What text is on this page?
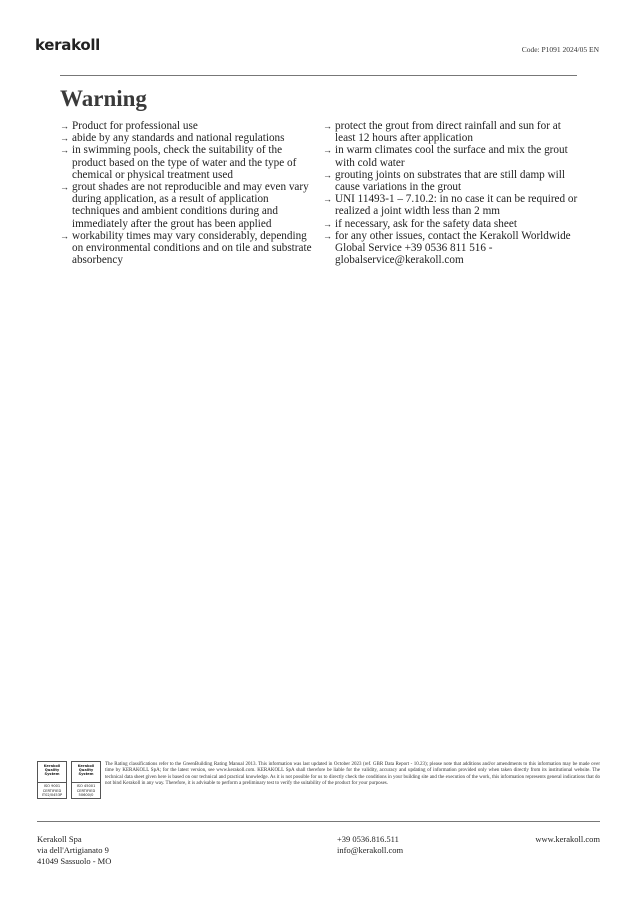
kerakoll	Code: P1091 2024/05 EN
Warning
→ Product for professional use
→ abide by any standards and national regulations
→ in swimming pools, check the suitability of the product based on the type of water and the type of chemical or physical treatment used
→ grout shades are not reproducible and may even vary during application, as a result of application techniques and ambient conditions during and immediately after the grout has been applied
→ workability times may vary considerably, depending on environmental conditions and on tile and substrate absorbency
→ protect the grout from direct rainfall and sun for at least 12 hours after application
→ in warm climates cool the surface and mix the grout with cold water
→ grouting joints on substrates that are still damp will cause variations in the grout
→ UNI 11493-1 – 7.10.2: in no case it can be required or realized a joint width less than 2 mm
→ if necessary, ask for the safety data sheet
→ for any other issues, contact the Kerakoll Worldwide Global Service +39 0536 811 516 - globalservice@kerakoll.com
Kerakoll Quality System
ISO 9001 CERTIFIED IT02/0453P
Kerakoll Quality System
ISO 45001 CERTIFIED 50600/0

The Rating classifications refer to the GreenBuilding Rating Manual 2013. This information was last updated in October 2023 (ref. GBR Data Report - 10.23); please note that additions and/or amendments to this information may be made over time by KERAKOLL SpA; for the latest version, see www.kerakoll.com. KERAKOLL SpA shall therefore be liable for the validity, accuracy and updating of information provided only when taken directly from its institutional website. The technical data sheet given here is based on our technical and practical knowledge. As it is not possible for us to directly check the conditions in your building site and the execution of the work, this information represents general indications that do not bind Kerakoll in any way. Therefore, it is advisable to perform a preliminary test to verify the suitability of the product for your purposes.

Kerakoll Spa
via dell'Artigianato 9
41049 Sassuolo - MO
+39 0536.816.511
info@kerakoll.com
www.kerakoll.com
